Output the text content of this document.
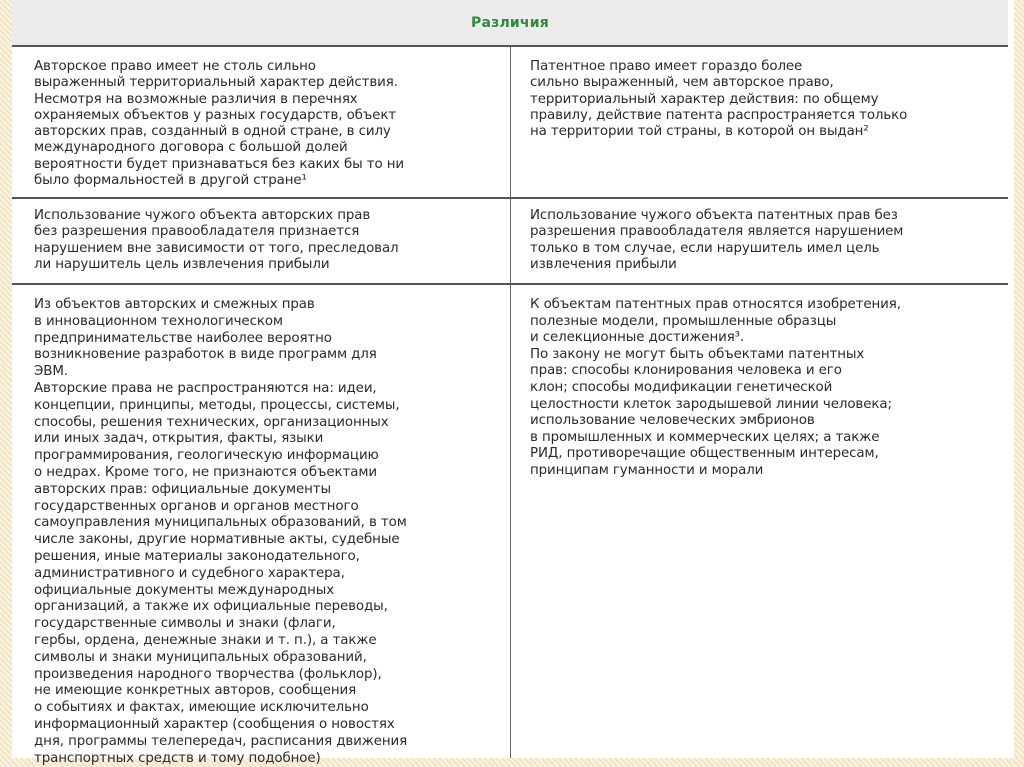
Различия
Авторское право имеет не столь сильно
выраженный территориальный характер действия.
Несмотря на возможные различия в перечнях
охраняемых объектов у разных государств, объект
авторских прав, созданный в одной стране, в силу
международного договора с большой долей
вероятности будет признаваться без каких бы то ни
было формальностей в другой стране¹
Патентное право имеет гораздо более
сильно выраженный, чем авторское право,
территориальный характер действия: по общему
правилу, действие патента распространяется только
на территории той страны, в которой он выдан²
Использование чужого объекта авторских прав
без разрешения правообладателя признается
нарушением вне зависимости от того, преследовал
ли нарушитель цель извлечения прибыли
Использование чужого объекта патентных прав без
разрешения правообладателя является нарушением
только в том случае, если нарушитель имел цель
извлечения прибыли
Из объектов авторских и смежных прав
в инновационном технологическом
предпринимательстве наиболее вероятно
возникновение разработок в виде программ для
ЭВМ.
Авторские права не распространяются на: идеи,
концепции, принципы, методы, процессы, системы,
способы, решения технических, организационных
или иных задач, открытия, факты, языки
программирования, геологическую информацию
о недрах. Кроме того, не признаются объектами
авторских прав: официальные документы
государственных органов и органов местного
самоуправления муниципальных образований, в том
числе законы, другие нормативные акты, судебные
решения, иные материалы законодательного,
административного и судебного характера,
официальные документы международных
организаций, а также их официальные переводы,
государственные символы и знаки (флаги,
гербы, ордена, денежные знаки и т. п.), а также
символы и знаки муниципальных образований,
произведения народного творчества (фольклор),
не имеющие конкретных авторов, сообщения
о событиях и фактах, имеющие исключительно
информационный характер (сообщения о новостях
дня, программы телепередач, расписания движения
транспортных средств и тому подобное)
К объектам патентных прав относятся изобретения,
полезные модели, промышленные образцы
и селекционные достижения³.
По закону не могут быть объектами патентных
прав: способы клонирования человека и его
клон; способы модификации генетической
целостности клеток зародышевой линии человека;
использование человеческих эмбрионов
в промышленных и коммерческих целях; а также
РИД, противоречащие общественным интересам,
принципам гуманности и морали
